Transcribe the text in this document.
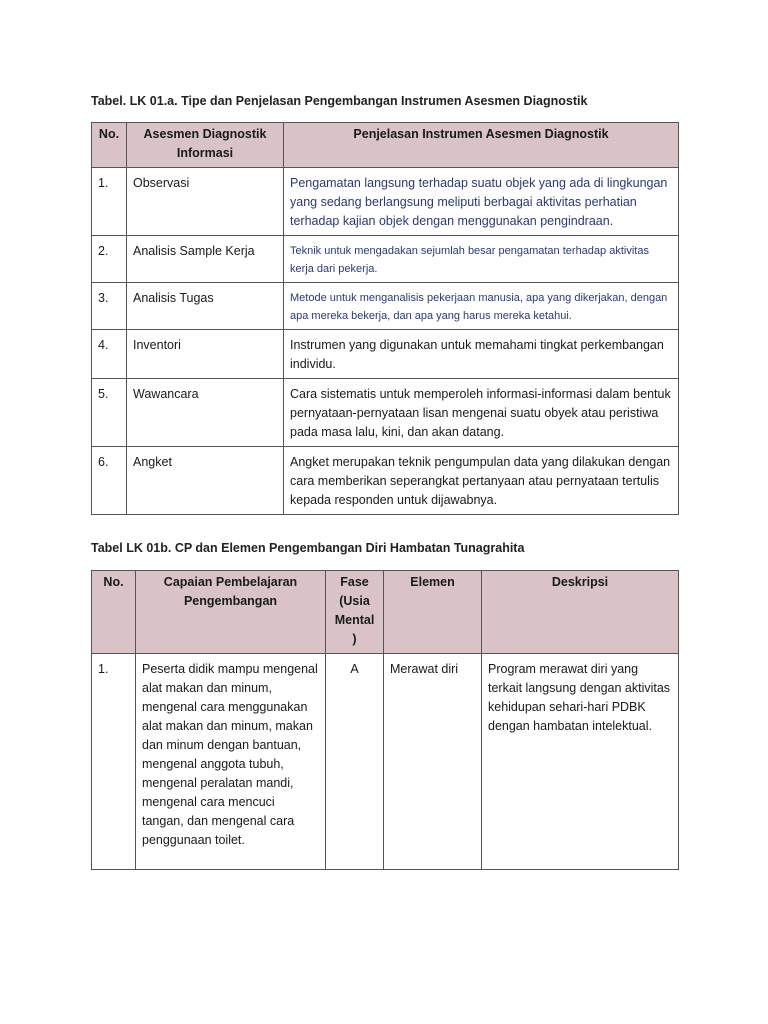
Tabel. LK 01.a. Tipe dan Penjelasan Pengembangan Instrumen Asesmen Diagnostik
No.	Asesmen Diagnostik Informasi	Penjelasan Instrumen Asesmen Diagnostik
1.	Observasi	Pengamatan langsung terhadap suatu objek yang ada di lingkungan yang sedang berlangsung meliputi berbagai aktivitas perhatian terhadap kajian objek dengan menggunakan pengindraan.
2.	Analisis Sample Kerja	Teknik untuk mengadakan sejumlah besar pengamatan terhadap aktivitas kerja dari pekerja.
3.	Analisis Tugas	Metode untuk menganalisis pekerjaan manusia, apa yang dikerjakan, dengan apa mereka bekerja, dan apa yang harus mereka ketahui.
4.	Inventori	Instrumen yang digunakan untuk memahami tingkat perkembangan individu.
5.	Wawancara	Cara sistematis untuk memperoleh informasi-informasi dalam bentuk pernyataan-pernyataan lisan mengenai suatu obyek atau peristiwa pada masa lalu, kini, dan akan datang.
6.	Angket	Angket merupakan teknik pengumpulan data yang dilakukan dengan cara memberikan seperangkat pertanyaan atau pernyataan tertulis kepada responden untuk dijawabnya.
Tabel LK 01b. CP dan Elemen Pengembangan Diri Hambatan Tunagrahita
No.	Capaian Pembelajaran Pengembangan	Fase (Usia Mental )	Elemen	Deskripsi
1.	Peserta didik mampu mengenal alat makan dan minum, mengenal cara menggunakan alat makan dan minum, makan dan minum dengan bantuan, mengenal anggota tubuh, mengenal peralatan mandi, mengenal cara mencuci tangan, dan mengenal cara penggunaan toilet.	A	Merawat diri	Program merawat diri yang terkait langsung dengan aktivitas kehidupan sehari-hari PDBK dengan hambatan intelektual.
